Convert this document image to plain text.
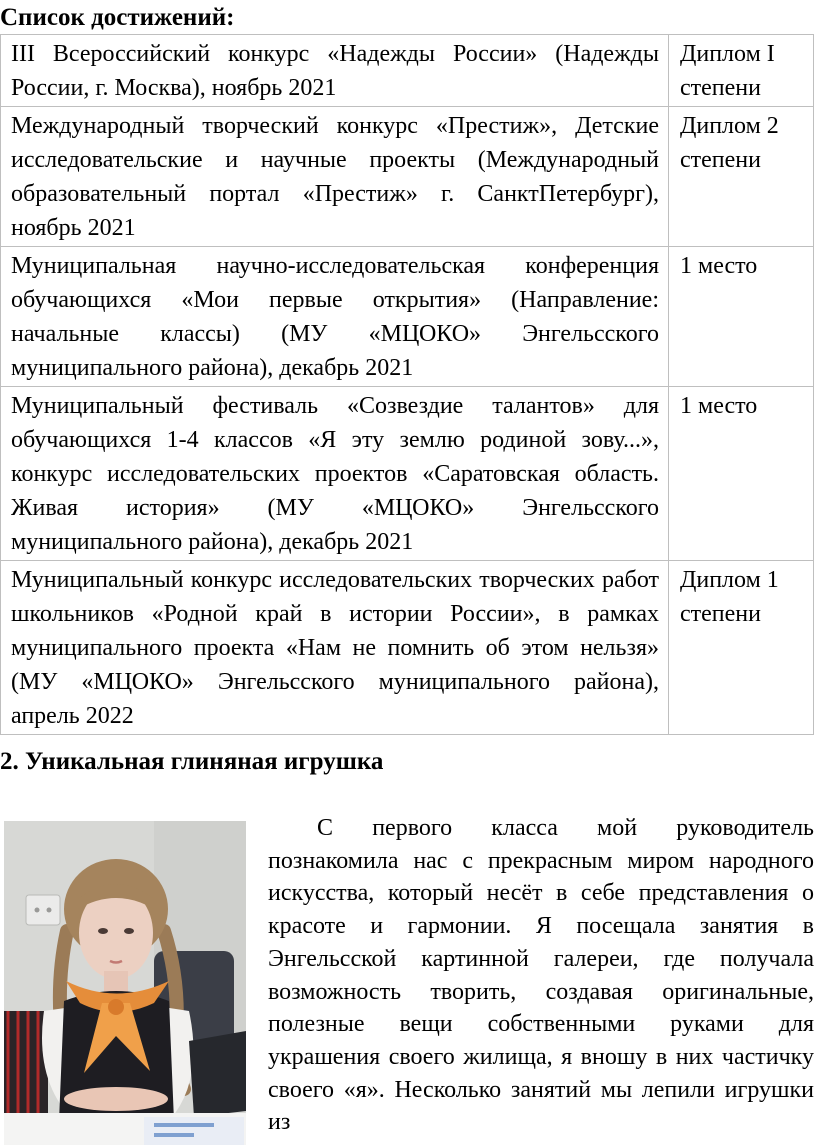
Список достижений:
III Всероссийский конкурс «Надежды России» (Надежды России, г. Москва), ноябрь 2021	Диплом I степени
Международный творческий конкурс «Престиж», Детские исследовательские и научные проекты (Международный образовательный портал «Престиж» г. СанктПетербург), ноябрь 2021	Диплом 2 степени
Муниципальная научно-исследовательская конференция обучающихся «Мои первые открытия» (Направление: начальные классы) (МУ «МЦОКО» Энгельсского муниципального района), декабрь 2021	1 место
Муниципальный фестиваль «Созвездие талантов» для обучающихся 1-4 классов «Я эту землю родиной зову...», конкурс исследовательских проектов «Саратовская область. Живая история» (МУ «МЦОКО» Энгельсского муниципального района), декабрь 2021	1 место
Муниципальный конкурс исследовательских творческих работ школьников «Родной край в истории России», в рамках муниципального проекта «Нам не помнить об этом нельзя» (МУ «МЦОКО» Энгельсского муниципального района), апрель 2022	Диплом 1 степени
2. Уникальная глиняная игрушка

С первого класса мой руководитель познакомила нас с прекрасным миром народного искусства, который несёт в себе представления о красоте и гармонии. Я посещала занятия в Энгельсской картинной галереи, где получала возможность творить, создавая оригинальные, полезные вещи собственными руками для украшения своего жилища, я вношу в них частичку своего «я». Несколько занятий мы лепили игрушки из
